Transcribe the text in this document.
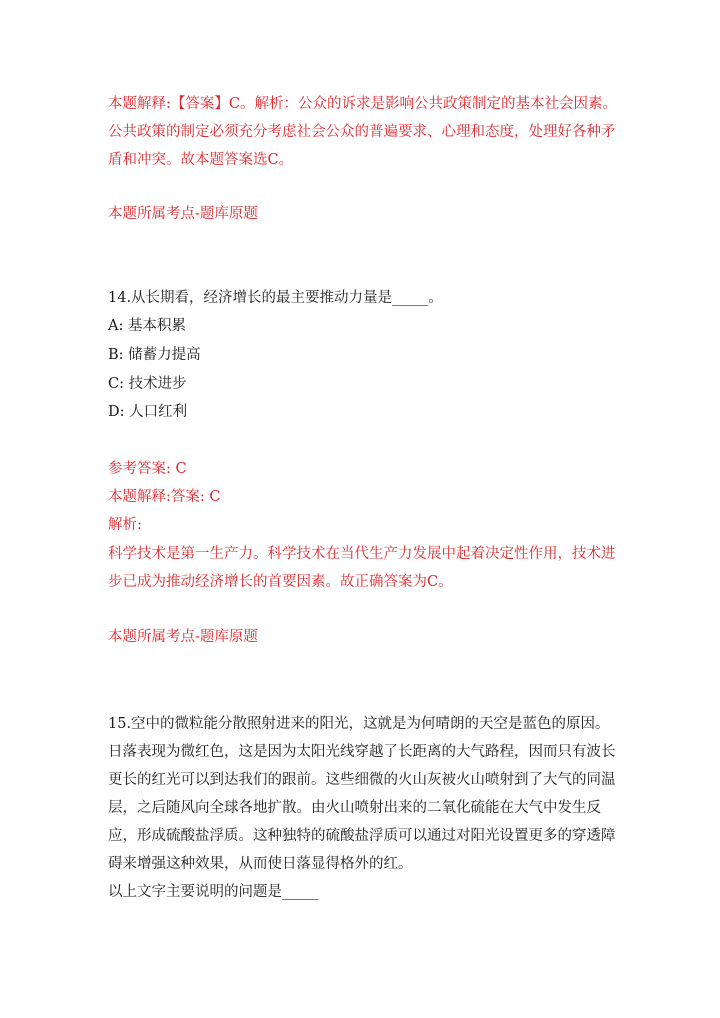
本题解释:【答案】C。解析：公众的诉求是影响公共政策制定的基本社会因素。公共政策的制定必须充分考虑社会公众的普遍要求、心理和态度，处理好各种矛盾和冲突。故本题答案选C。

本题所属考点-题库原题

14.从长期看，经济增长的最主要推动力量是_____。

A: 基本积累

B: 储蓄力提高

C: 技术进步

D: 人口红利

参考答案: C

本题解释:答案: C

解析:

科学技术是第一生产力。科学技术在当代生产力发展中起着决定性作用，技术进步已成为推动经济增长的首要因素。故正确答案为C。

本题所属考点-题库原题

15.空中的微粒能分散照射进来的阳光，这就是为何晴朗的天空是蓝色的原因。日落表现为微红色，这是因为太阳光线穿越了长距离的大气路程，因而只有波长更长的红光可以到达我们的跟前。这些细微的火山灰被火山喷射到了大气的同温层，之后随风向全球各地扩散。由火山喷射出来的二氧化硫能在大气中发生反应，形成硫酸盐浮质。这种独特的硫酸盐浮质可以通过对阳光设置更多的穿透障碍来增强这种效果，从而使日落显得格外的红。

以上文字主要说明的问题是_____
